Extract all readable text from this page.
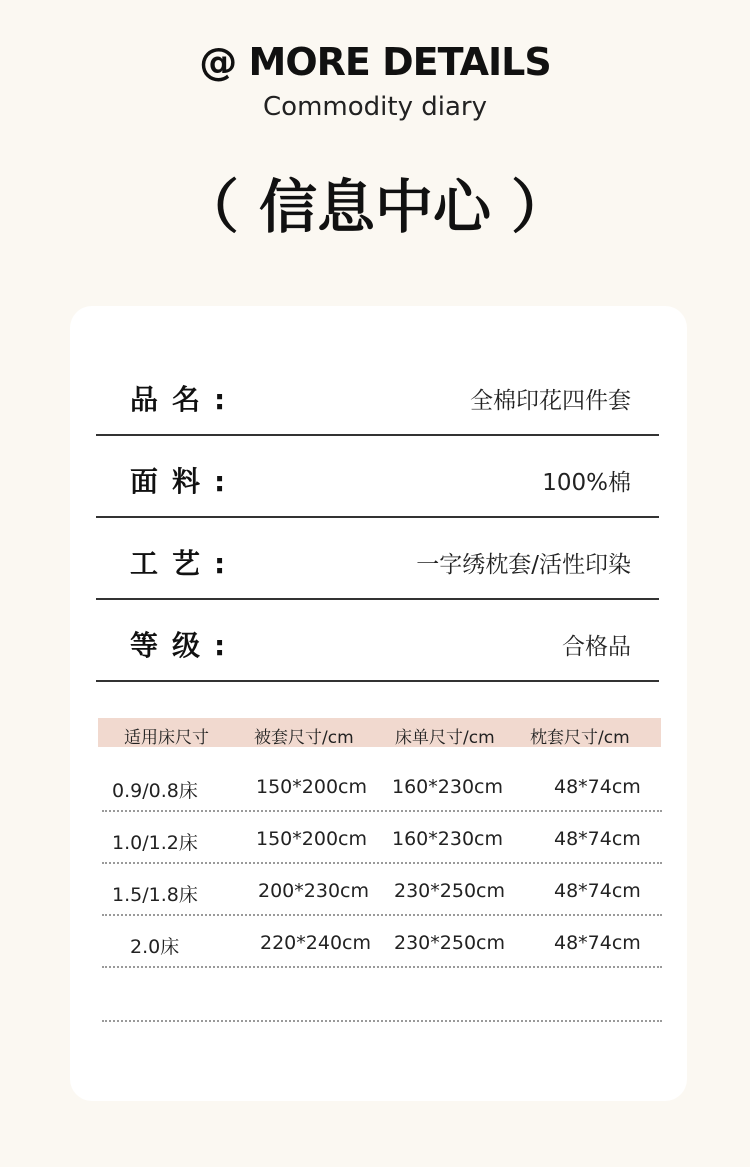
@ MORE DETAILS
Commodity diary
（ 信息中心 ）
品名:	全棉印花四件套
面料:	100%棉
工艺:	一字绣枕套/活性印染
等级:	合格品
适用床尺寸	被套尺寸/cm 床单尺寸/cm 枕套尺寸/cm
0.9/0.8床	150*200cm 160*230cm	48*74cm
1.0/1.2床	150*200cm 160*230cm	48*74cm
1.5/1.8床	200*230cm 230*250cm	48*74cm
2.0床	220*240cm 230*250cm	48*74cm
